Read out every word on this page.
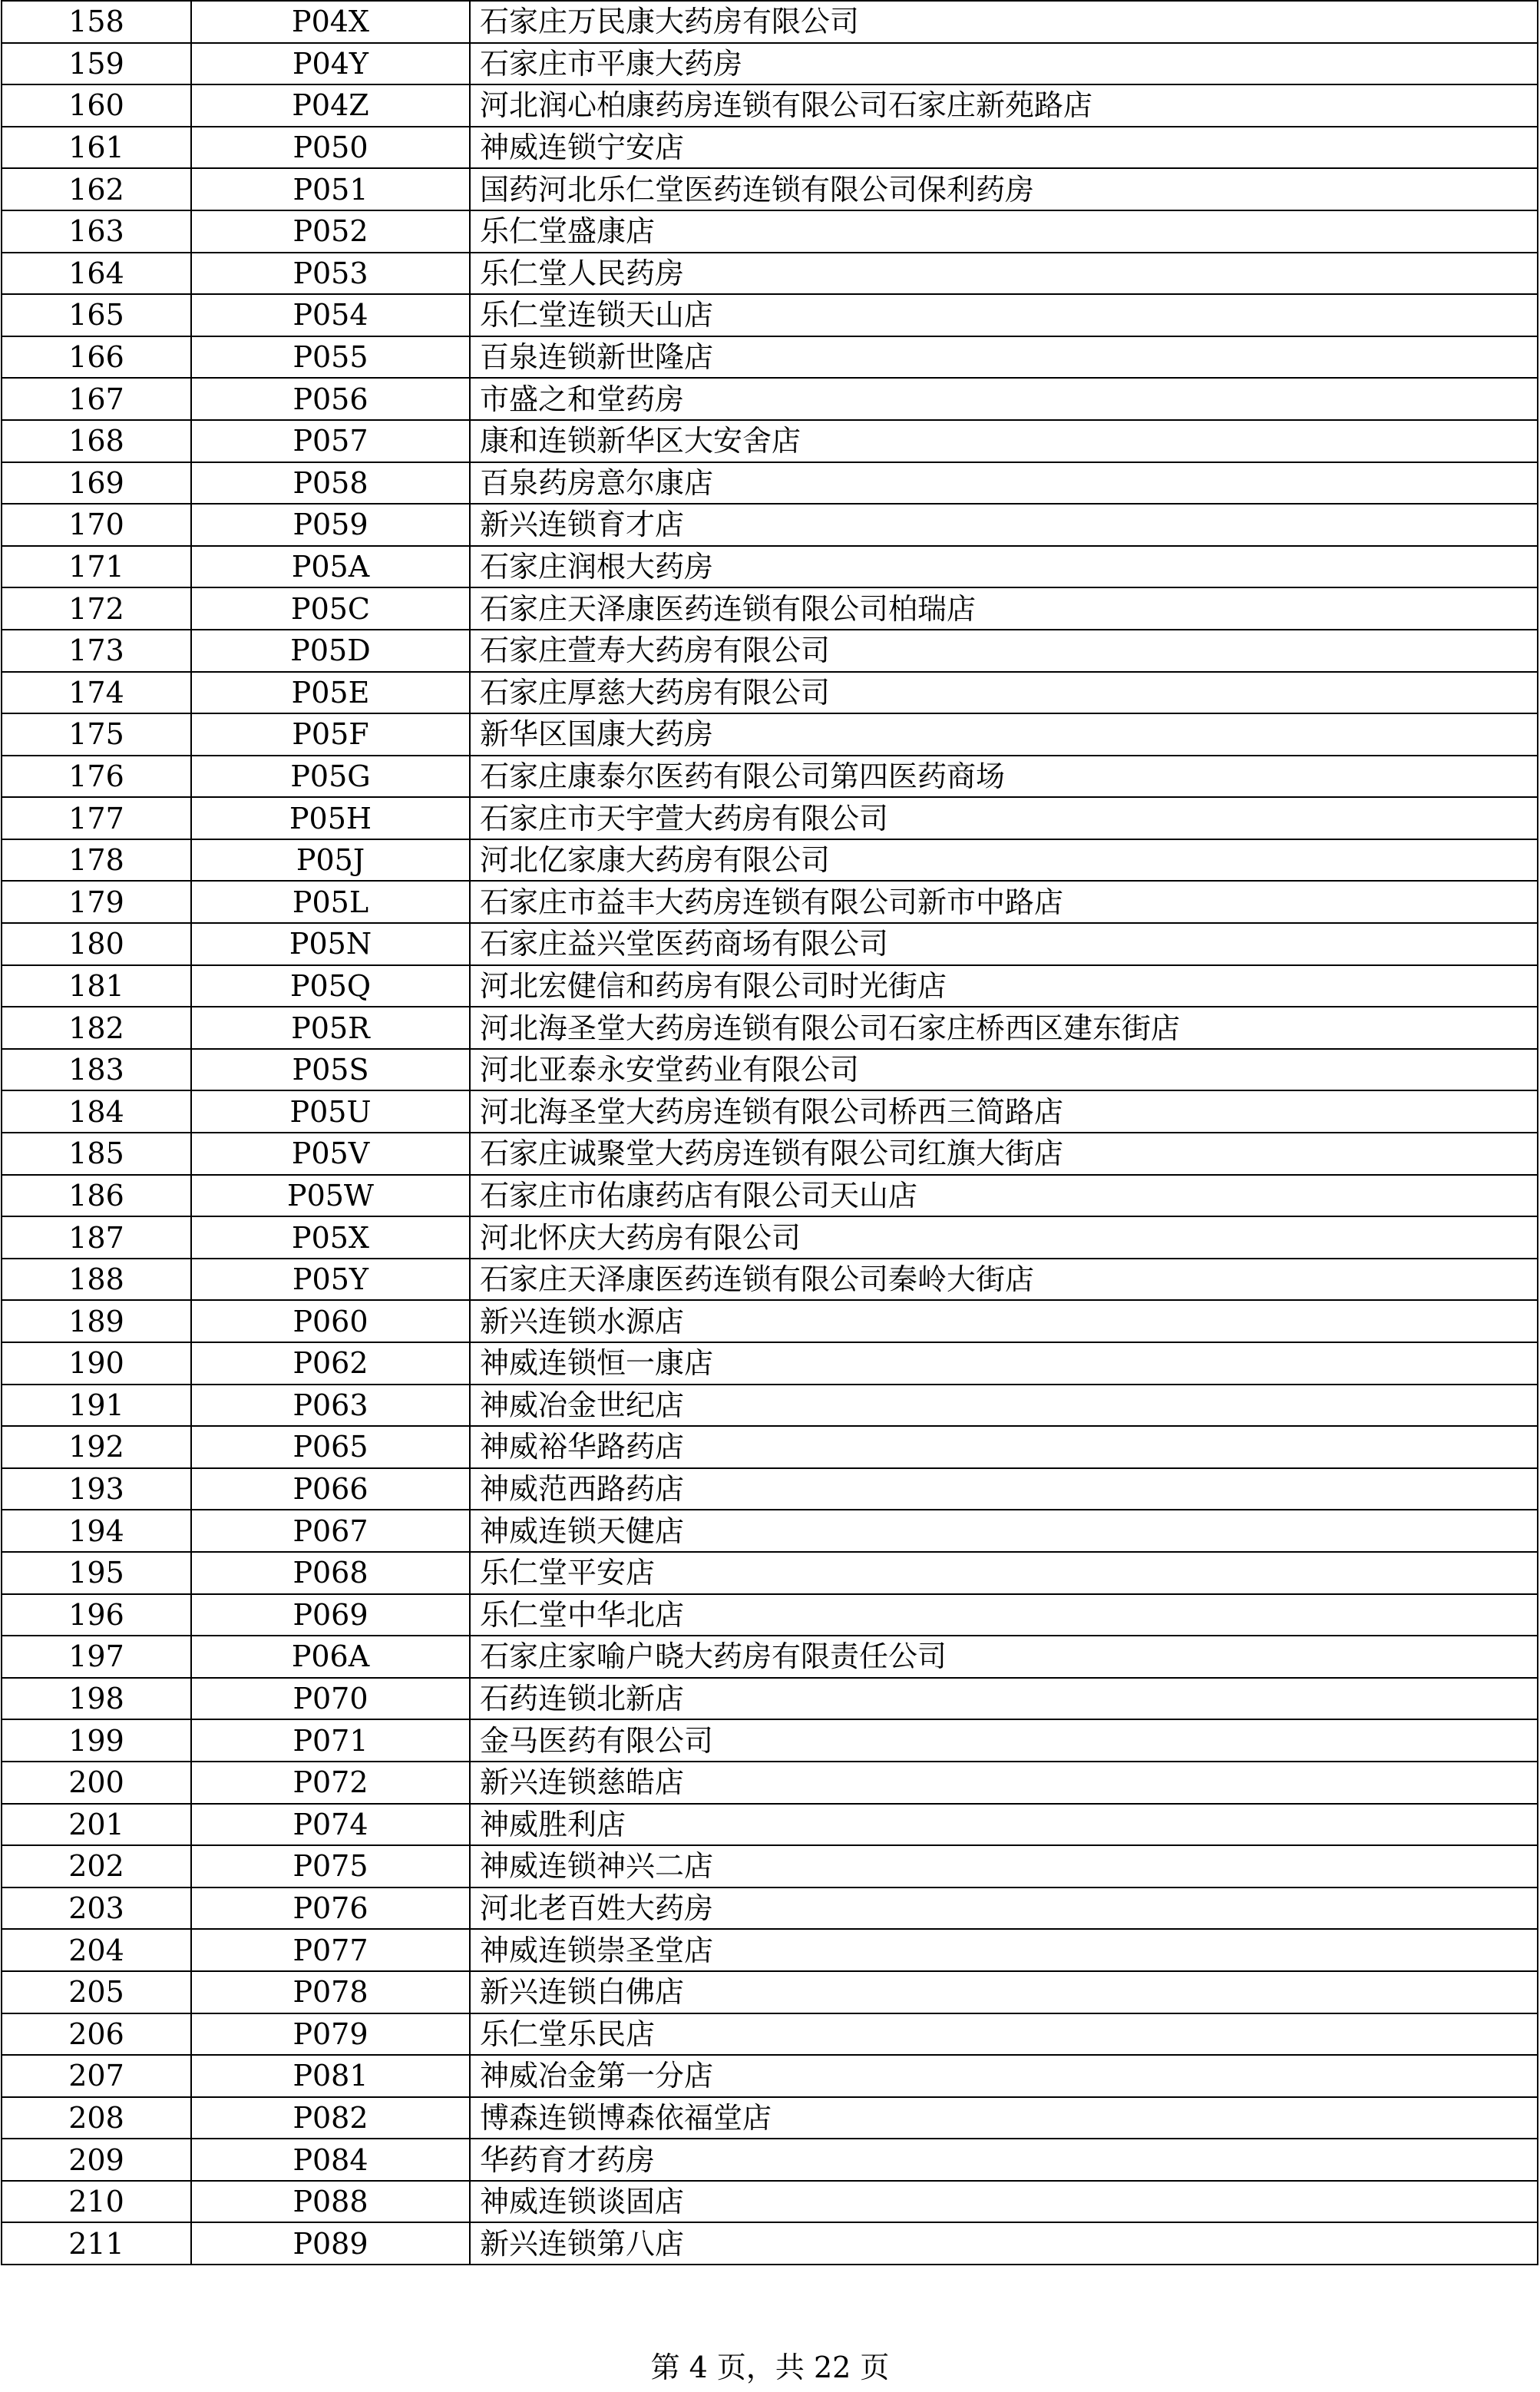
158	P04X	石家庄万民康大药房有限公司
159	P04Y	石家庄市平康大药房
160	P04Z	河北润心柏康药房连锁有限公司石家庄新苑路店
161	P050	神威连锁宁安店
162	P051	国药河北乐仁堂医药连锁有限公司保利药房
163	P052	乐仁堂盛康店
164	P053	乐仁堂人民药房
165	P054	乐仁堂连锁天山店
166	P055	百泉连锁新世隆店
167	P056	市盛之和堂药房
168	P057	康和连锁新华区大安舍店
169	P058	百泉药房意尔康店
170	P059	新兴连锁育才店
171	P05A	石家庄润根大药房
172	P05C	石家庄天泽康医药连锁有限公司柏瑞店
173	P05D	石家庄萱寿大药房有限公司
174	P05E	石家庄厚慈大药房有限公司
175	P05F	新华区国康大药房
176	P05G	石家庄康泰尔医药有限公司第四医药商场
177	P05H	石家庄市天宇萱大药房有限公司
178	P05J	河北亿家康大药房有限公司
179	P05L	石家庄市益丰大药房连锁有限公司新市中路店
180	P05N	石家庄益兴堂医药商场有限公司
181	P05Q	河北宏健信和药房有限公司时光街店
182	P05R	河北海圣堂大药房连锁有限公司石家庄桥西区建东街店
183	P05S	河北亚泰永安堂药业有限公司
184	P05U	河北海圣堂大药房连锁有限公司桥西三简路店
185	P05V	石家庄诚聚堂大药房连锁有限公司红旗大街店
186	P05W	石家庄市佑康药店有限公司天山店
187	P05X	河北怀庆大药房有限公司
188	P05Y	石家庄天泽康医药连锁有限公司秦岭大街店
189	P060	新兴连锁水源店
190	P062	神威连锁恒一康店
191	P063	神威冶金世纪店
192	P065	神威裕华路药店
193	P066	神威范西路药店
194	P067	神威连锁天健店
195	P068	乐仁堂平安店
196	P069	乐仁堂中华北店
197	P06A	石家庄家喻户晓大药房有限责任公司
198	P070	石药连锁北新店
199	P071	金马医药有限公司
200	P072	新兴连锁慈皓店
201	P074	神威胜利店
202	P075	神威连锁神兴二店
203	P076	河北老百姓大药房
204	P077	神威连锁崇圣堂店
205	P078	新兴连锁白佛店
206	P079	乐仁堂乐民店
207	P081	神威冶金第一分店
208	P082	博森连锁博森依福堂店
209	P084	华药育才药房
210	P088	神威连锁谈固店
211	P089	新兴连锁第八店
第 4 页，共 22 页
